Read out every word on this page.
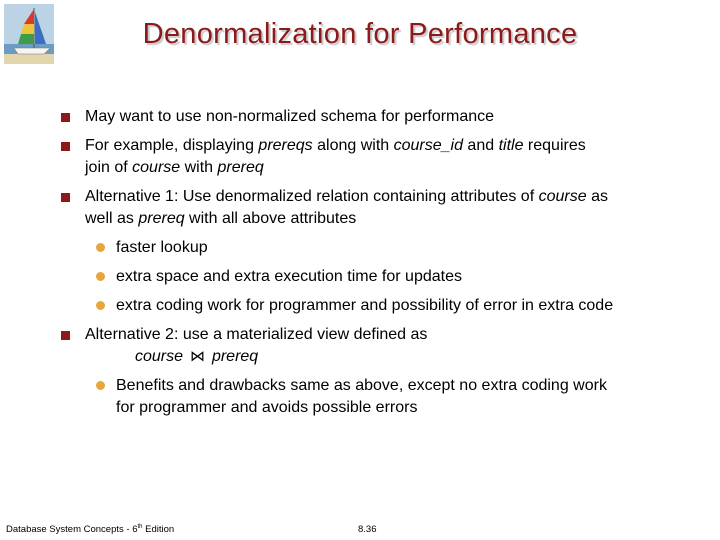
Denormalization for Performance
May want to use non-normalized schema for performance
For example, displaying prereqs along with course_id and title requires
join of course with prereq
Alternative 1: Use denormalized relation containing attributes of course as
well as prereq with all above attributes
faster lookup
extra space and extra execution time for updates
extra coding work for programmer and possibility of error in extra code
Alternative 2: use a materialized view defined as
course ⋈ prereq
Benefits and drawbacks same as above, except no extra coding work
for programmer and avoids possible errors
Database System Concepts - 6th Edition	8.36
